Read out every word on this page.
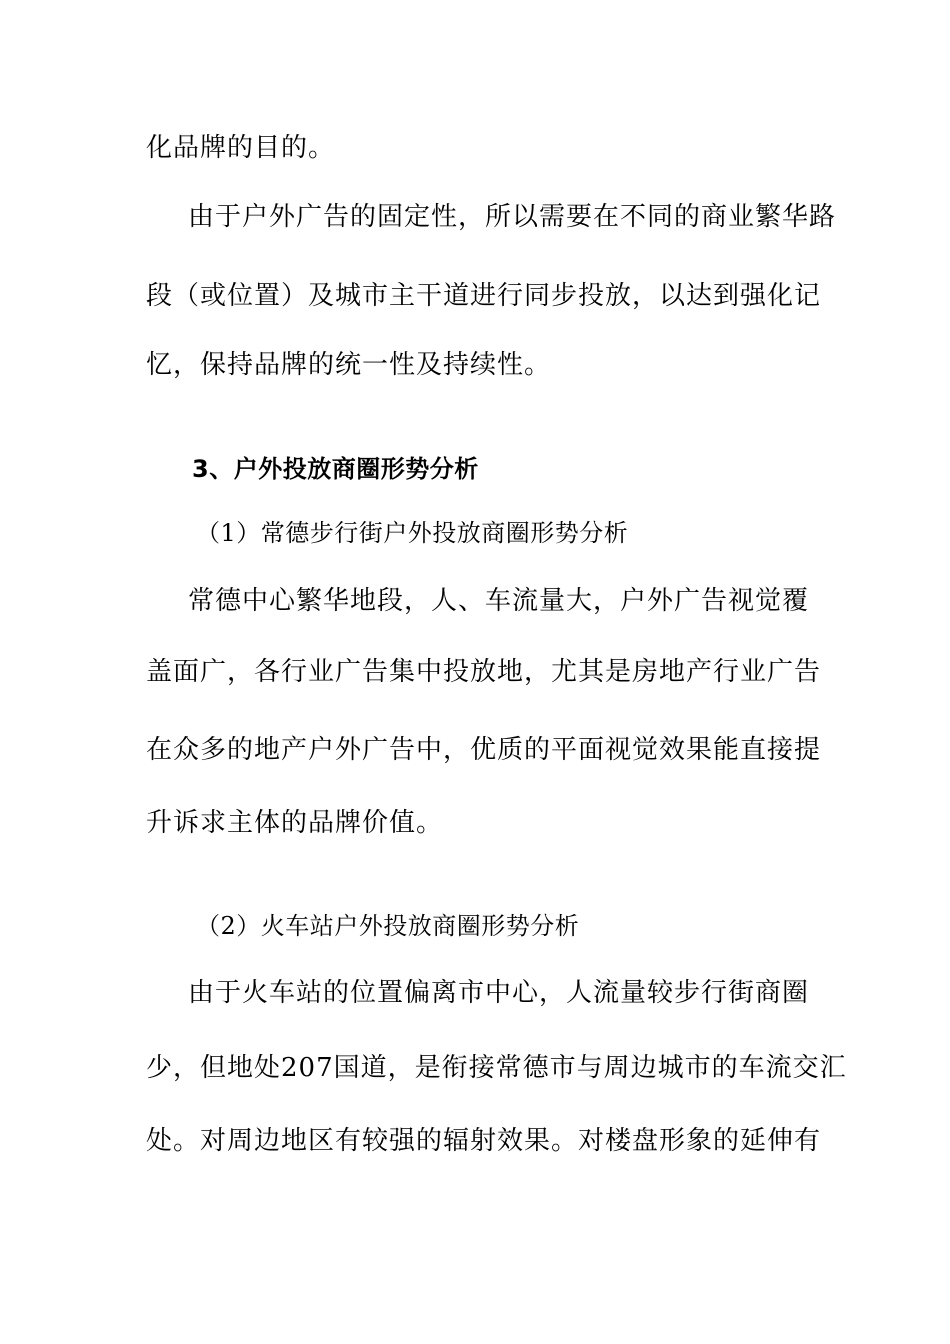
化品牌的目的。
由于户外广告的固定性，所以需要在不同的商业繁华路
段（或位置）及城市主干道进行同步投放，以达到强化记
忆，保持品牌的统一性及持续性。
3、户外投放商圈形势分析
（1）常德步行街户外投放商圈形势分析
常德中心繁华地段，人、车流量大，户外广告视觉覆
盖面广，各行业广告集中投放地，尤其是房地产行业广告
在众多的地产户外广告中，优质的平面视觉效果能直接提
升诉求主体的品牌价值。
（2）火车站户外投放商圈形势分析
由于火车站的位置偏离市中心，人流量较步行街商圈
少，但地处207国道，是衔接常德市与周边城市的车流交汇
处。对周边地区有较强的辐射效果。对楼盘形象的延伸有
